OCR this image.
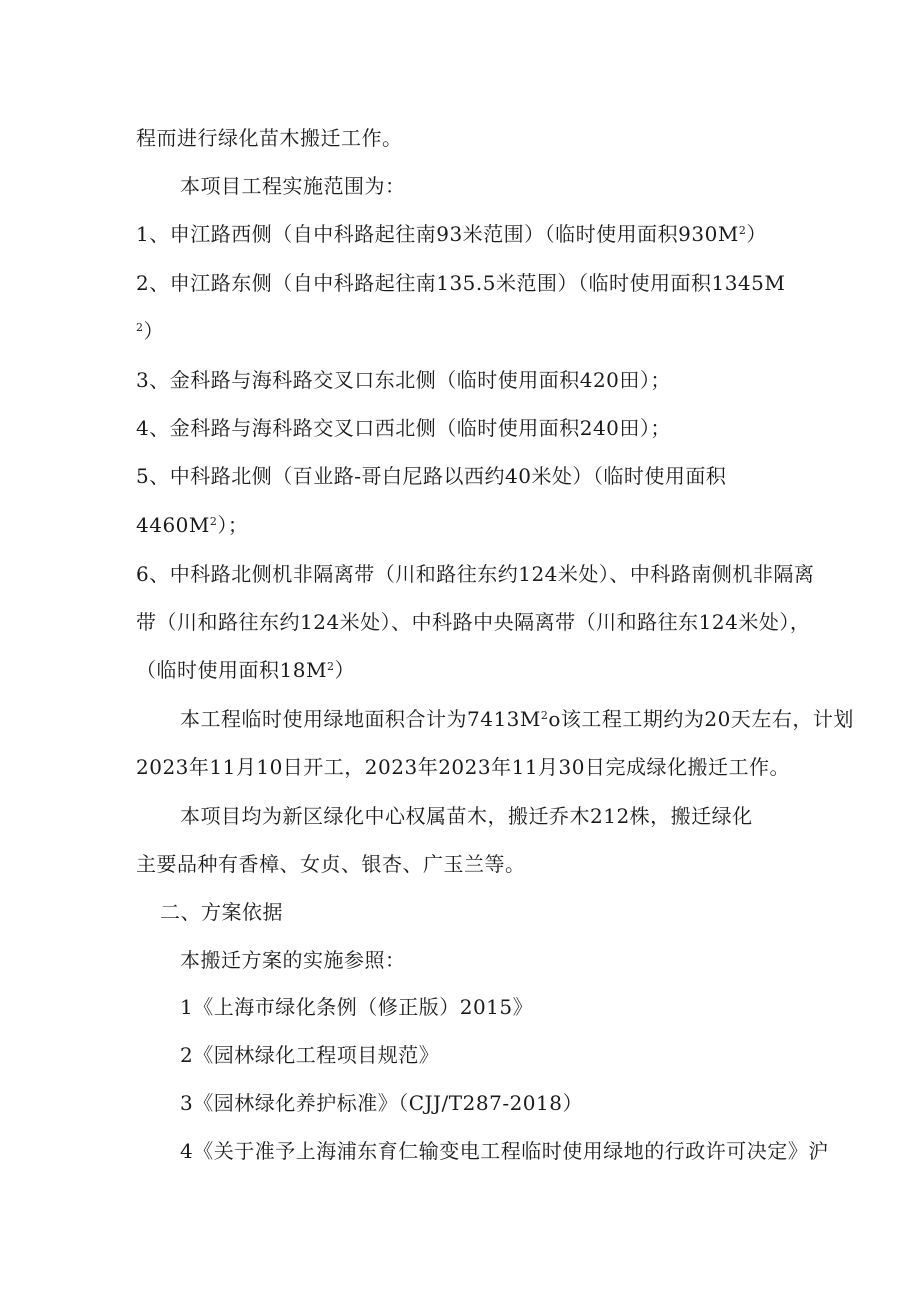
程而进行绿化苗木搬迁工作。
本项目工程实施范围为：
1、申江路西侧（自中科路起往南93米范围）（临时使用面积$930M^2$）
2、申江路东侧（自中科路起往南135.5米范围）（临时使用面积1345M
$^2$）
3、金科路与海科路交叉口东北侧（临时使用面积420田）；
4、金科路与海科路交叉口西北侧（临时使用面积240田）；
5、中科路北侧（百业路-哥白尼路以西约40米处）（临时使用面积
$4460M^2$）；
6、中科路北侧机非隔离带（川和路往东约124米处）、中科路南侧机非隔离
带（川和路往东约124米处）、中科路中央隔离带（川和路往东124米处），
（临时使用面积$18M^2$）
本工程临时使用绿地面积合计为$7413M^2o$该工程工期约为20天左右，计划
2023年11月10日开工，2023年2023年11月30日完成绿化搬迁工作。
本项目均为新区绿化中心权属苗木，搬迁乔木212株，搬迁绿化
主要品种有香樟、女贞、银杏、广玉兰等。
二、方案依据
本搬迁方案的实施参照：
1《上海市绿化条例（修正版）2015》
2《园林绿化工程项目规范》
3《园林绿化养护标准》（CJJ/T287-2018）
4《关于准予上海浦东育仁输变电工程临时使用绿地的行政许可决定》沪
